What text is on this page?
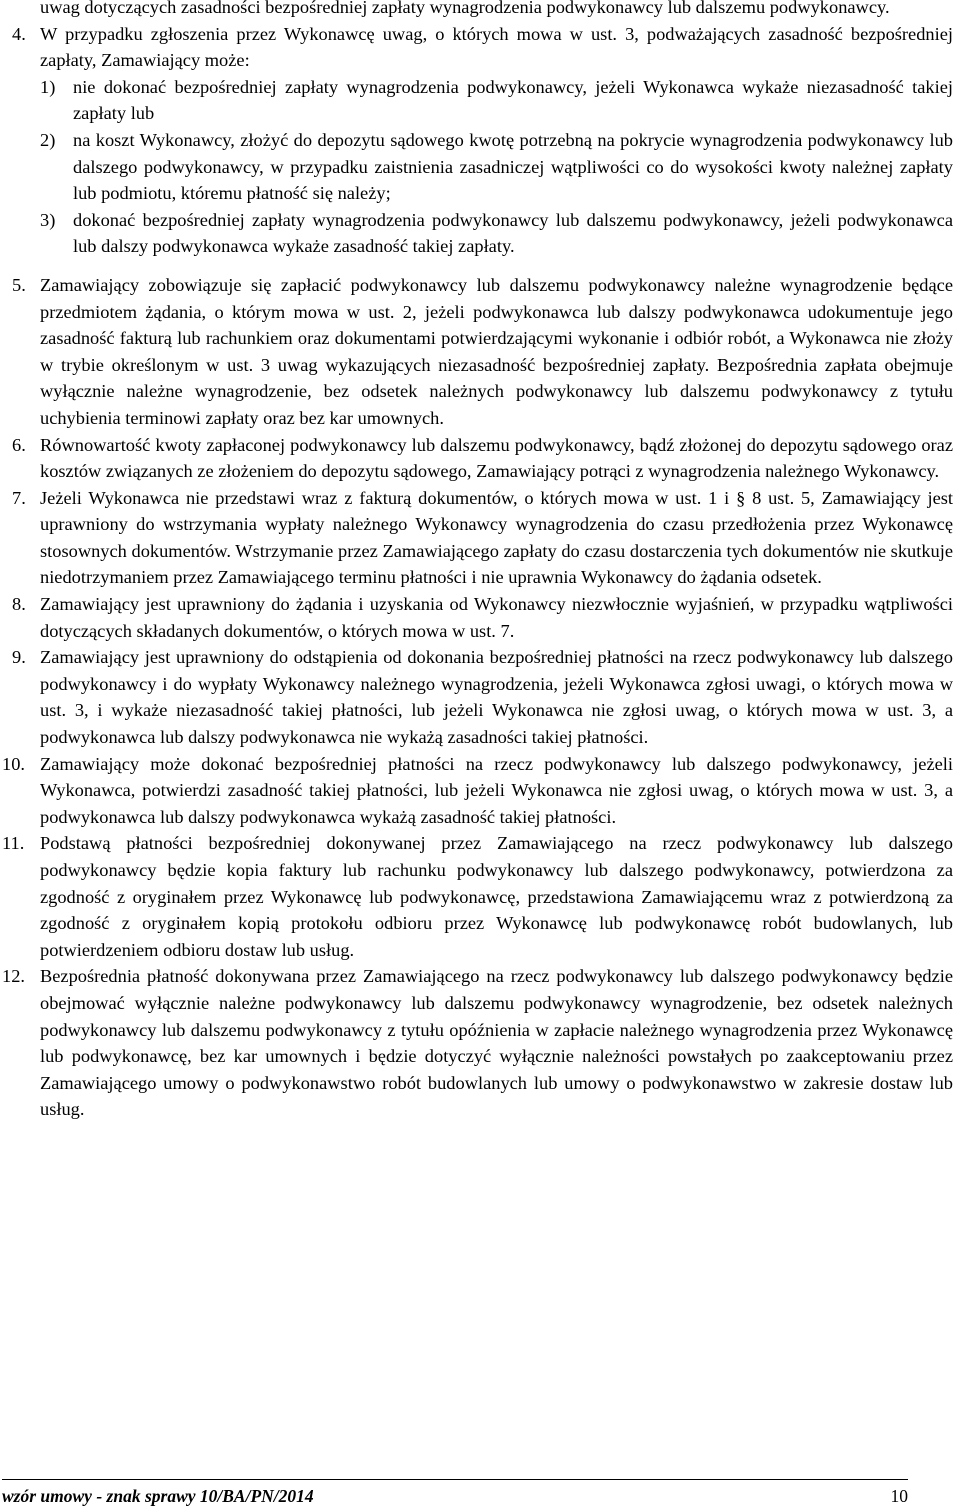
uwag dotyczących zasadności bezpośredniej zapłaty wynagrodzenia podwykonawcy lub dalszemu podwykonawcy.

4. W przypadku zgłoszenia przez Wykonawcę uwag, o których mowa w ust. 3, podważających zasadność bezpośredniej zapłaty, Zamawiający może:
1) nie dokonać bezpośredniej zapłaty wynagrodzenia podwykonawcy, jeżeli Wykonawca wykaże niezasadność takiej zapłaty lub
2) na koszt Wykonawcy, złożyć do depozytu sądowego kwotę potrzebną na pokrycie wynagrodzenia podwykonawcy lub dalszego podwykonawcy, w przypadku zaistnienia zasadniczej wątpliwości co do wysokości kwoty należnej zapłaty lub podmiotu, któremu płatność się należy;
3) dokonać bezpośredniej zapłaty wynagrodzenia podwykonawcy lub dalszemu podwykonawcy, jeżeli podwykonawca lub dalszy podwykonawca wykaże zasadność takiej zapłaty.
5. Zamawiający zobowiązuje się zapłacić podwykonawcy lub dalszemu podwykonawcy należne wynagrodzenie będące przedmiotem żądania, o którym mowa w ust. 2, jeżeli podwykonawca lub dalszy podwykonawca udokumentuje jego zasadność fakturą lub rachunkiem oraz dokumentami potwierdzającymi wykonanie i odbiór robót, a Wykonawca nie złoży w trybie określonym w ust. 3 uwag wykazujących niezasadność bezpośredniej zapłaty. Bezpośrednia zapłata obejmuje wyłącznie należne wynagrodzenie, bez odsetek należnych podwykonawcy lub dalszemu podwykonawcy z tytułu uchybienia terminowi zapłaty oraz bez kar umownych.
6. Równowartość kwoty zapłaconej podwykonawcy lub dalszemu podwykonawcy, bądź złożonej do depozytu sądowego oraz kosztów związanych ze złożeniem do depozytu sądowego, Zamawiający potrąci z wynagrodzenia należnego Wykonawcy.
7. Jeżeli Wykonawca nie przedstawi wraz z fakturą dokumentów, o których mowa w ust. 1 i § 8 ust. 5, Zamawiający jest uprawniony do wstrzymania wypłaty należnego Wykonawcy wynagrodzenia do czasu przedłożenia przez Wykonawcę stosownych dokumentów. Wstrzymanie przez Zamawiającego zapłaty do czasu dostarczenia tych dokumentów nie skutkuje niedotrzymaniem przez Zamawiającego terminu płatności i nie uprawnia Wykonawcy do żądania odsetek.
8. Zamawiający jest uprawniony do żądania i uzyskania od Wykonawcy niezwłocznie wyjaśnień, w przypadku wątpliwości dotyczących składanych dokumentów, o których mowa w ust. 7.
9. Zamawiający jest uprawniony do odstąpienia od dokonania bezpośredniej płatności na rzecz podwykonawcy lub dalszego podwykonawcy i do wypłaty Wykonawcy należnego wynagrodzenia, jeżeli Wykonawca zgłosi uwagi, o których mowa w ust. 3, i wykaże niezasadność takiej płatności, lub jeżeli Wykonawca nie zgłosi uwag, o których mowa w ust. 3, a podwykonawca lub dalszy podwykonawca nie wykażą zasadności takiej płatności.
10. Zamawiający może dokonać bezpośredniej płatności na rzecz podwykonawcy lub dalszego podwykonawcy, jeżeli Wykonawca, potwierdzi zasadność takiej płatności, lub jeżeli Wykonawca nie zgłosi uwag, o których mowa w ust. 3, a podwykonawca lub dalszy podwykonawca wykażą zasadność takiej płatności.
11. Podstawą płatności bezpośredniej dokonywanej przez Zamawiającego na rzecz podwykonawcy lub dalszego podwykonawcy będzie kopia faktury lub rachunku podwykonawcy lub dalszego podwykonawcy, potwierdzona za zgodność z oryginałem przez Wykonawcę lub podwykonawcę, przedstawiona Zamawiającemu wraz z potwierdzoną za zgodność z oryginałem kopią protokołu odbioru przez Wykonawcę lub podwykonawcę robót budowlanych, lub potwierdzeniem odbioru dostaw lub usług.
12. Bezpośrednia płatność dokonywana przez Zamawiającego na rzecz podwykonawcy lub dalszego podwykonawcy będzie obejmować wyłącznie należne podwykonawcy lub dalszemu podwykonawcy wynagrodzenie, bez odsetek należnych podwykonawcy lub dalszemu podwykonawcy z tytułu opóźnienia w zapłacie należnego wynagrodzenia przez Wykonawcę lub podwykonawcę, bez kar umownych i będzie dotyczyć wyłącznie należności powstałych po zaakceptowaniu przez Zamawiającego umowy o podwykonawstwo robót budowlanych lub umowy o podwykonawstwo w zakresie dostaw lub usług.
wzór umowy - znak sprawy 10/BA/PN/2014	10
